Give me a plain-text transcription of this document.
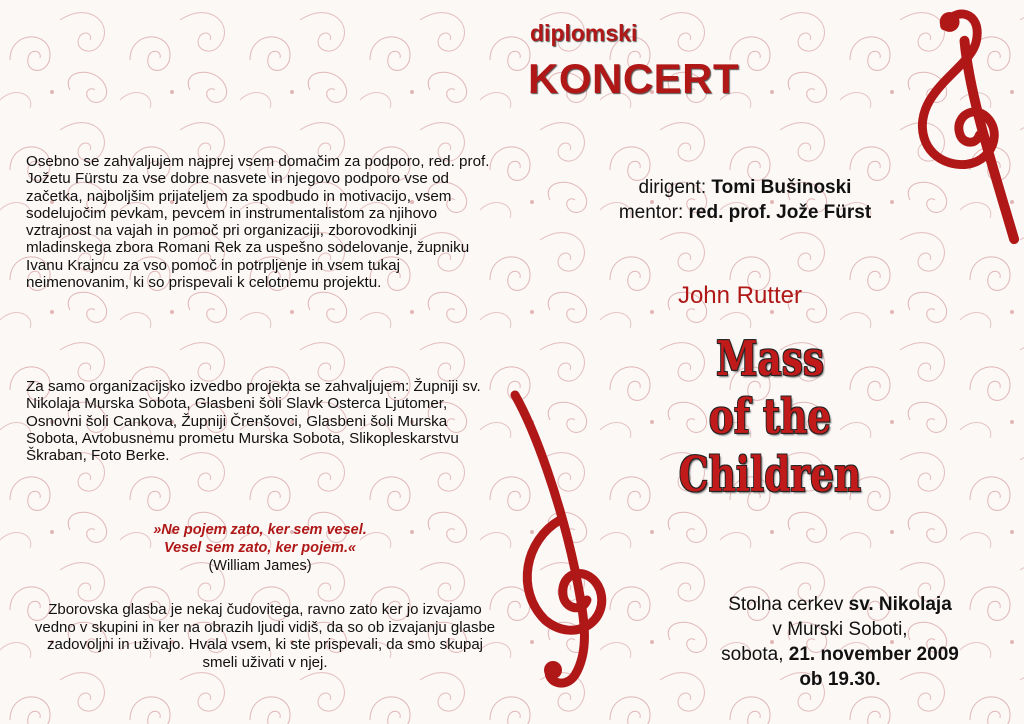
Osebno se zahvaljujem najprej vsem domačim za podporo, red. prof. Jožetu Fürstu za vse dobre nasvete in njegovo podporo vse od začetka, najboljšim prijateljem za spodbudo in motivacijo, vsem sodelujočim pevkam, pevcem in instrumentalistom za njihovo vztrajnost na vajah in pomoč pri organizaciji, zborovodkinji mladinskega zbora Romani Rek za uspešno sodelovanje, župniku Ivanu Krajncu za vso pomoč in potrpljenje in vsem tukaj neimenovanim, ki so prispevali k celotnemu projektu.
Za samo organizacijsko izvedbo projekta se zahvaljujem: Župniji sv. Nikolaja Murska Sobota, Glasbeni šoli Slavk Osterca Ljutomer, Osnovni šoli Cankova, Župniji Črenšovci, Glasbeni šoli Murska Sobota, Avtobusnemu prometu Murska Sobota, Slikopleskarstvu Škraban, Foto Berke.
»Ne pojem zato, ker sem vesel.
Vesel sem zato, ker pojem.«
(William James)
Zborovska glasba je nekaj čudovitega, ravno zato ker jo izvajamo vedno v skupini in ker na obrazih ljudi vidiš, da so ob izvajanju glasbe zadovoljni in uživajo. Hvala vsem, ki ste prispevali, da smo skupaj smeli uživati v njej.
diplomski
KONCERT
dirigent: Tomi Bušinoski
mentor: red. prof. Jože Fürst
John Rutter
Mass
of the Children
Stolna cerkev sv. Nikolaja
v Murski Soboti,
sobota, 21. november 2009
ob 19.30.
